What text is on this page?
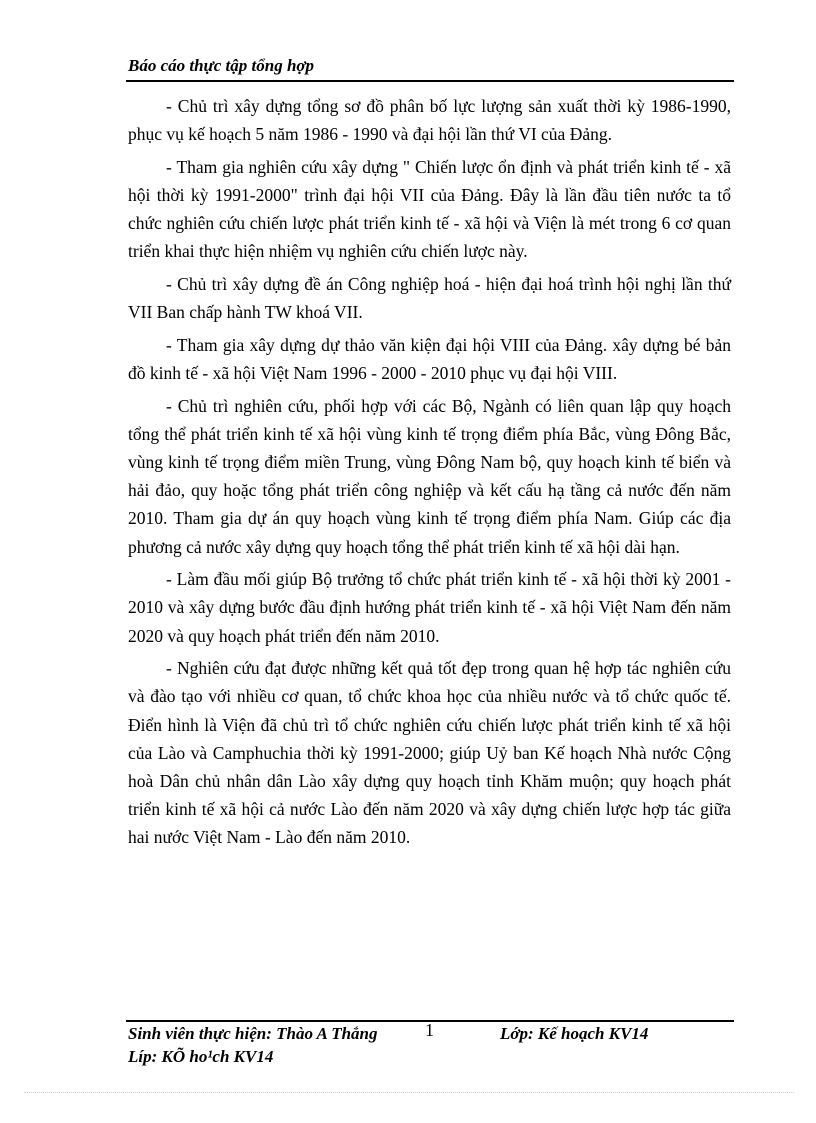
Báo cáo thực tập tổng hợp

- Chủ trì xây dựng tổng sơ đồ phân bố lực lượng sản xuất thời kỳ 1986-1990, phục vụ kế hoạch 5 năm 1986 - 1990 và đại hội lần thứ VI của Đảng.

- Tham gia nghiên cứu xây dựng " Chiến lược ổn định và phát triển kinh tế - xã hội thời kỳ 1991-2000" trình đại hội VII của Đảng. Đây là lần đầu tiên nước ta tổ chức nghiên cứu chiến lược phát triển kinh tế - xã hội và Viện là mét trong 6 cơ quan triển khai thực hiện nhiệm vụ nghiên cứu chiến lược này.

- Chủ trì xây dựng đề án Công nghiệp hoá - hiện đại hoá trình hội nghị lần thứ VII Ban chấp hành TW khoá VII.

- Tham gia xây dựng dự thảo văn kiện đại hội VIII của Đảng. xây dựng bé bản đồ kinh tế - xã hội Việt Nam 1996 - 2000 - 2010 phục vụ đại hội VIII.

- Chủ trì nghiên cứu, phối hợp với các Bộ, Ngành có liên quan lập quy hoạch tổng thể phát triển kinh tế xã hội vùng kinh tế trọng điểm phía Bắc, vùng Đông Bắc, vùng kinh tế trọng điểm miền Trung, vùng Đông Nam bộ, quy hoạch kinh tế biển và hải đảo, quy hoặc tổng phát triển công nghiệp và kết cấu hạ tầng cả nước đến năm 2010. Tham gia dự án quy hoạch vùng kinh tế trọng điểm phía Nam. Giúp các địa phương cả nước xây dựng quy hoạch tổng thể phát triển kinh tế xã hội dài hạn.

- Làm đầu mối giúp Bộ trưởng tổ chức phát triển kinh tế - xã hội thời kỳ 2001 - 2010 và xây dựng bước đầu định hướng phát triển kinh tế - xã hội Việt Nam đến năm 2020 và quy hoạch phát triển đến năm 2010.

- Nghiên cứu đạt được những kết quả tốt đẹp trong quan hệ hợp tác nghiên cứu và đào tạo với nhiều cơ quan, tổ chức khoa học của nhiều nước và tổ chức quốc tế. Điển hình là Viện đã chủ trì tổ chức nghiên cứu chiến lược phát triển kinh tế xã hội của Lào và Camphuchia thời kỳ 1991-2000; giúp Uỷ ban Kế hoạch Nhà nước Cộng hoà Dân chủ nhân dân Lào xây dựng quy hoạch tỉnh Khăm muộn; quy hoạch phát triển kinh tế xã hội cả nước Lào đến năm 2020 và xây dựng chiến lược hợp tác giữa hai nước Việt Nam - Lào đến năm 2010.

Sinh viên thực hiện: Thào A Thắng	1	Lớp: Kế hoạch KV14
Líp: KÕ ho¹ch KV14
